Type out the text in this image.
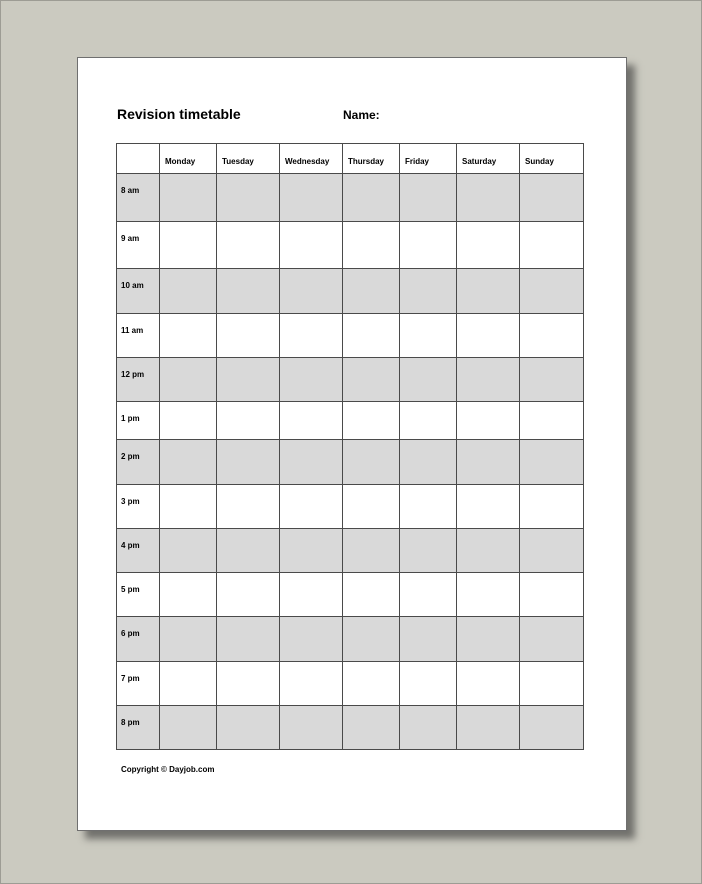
Revision timetable	Name:
	Monday	Tuesday	Wednesday	Thursday	Friday	Saturday	Sunday
8 am							
9 am							
10 am							
11 am							
12 pm							
1 pm							
2 pm							
3 pm							
4 pm							
5 pm							
6 pm							
7 pm							
8 pm							
Copyright © Dayjob.com
